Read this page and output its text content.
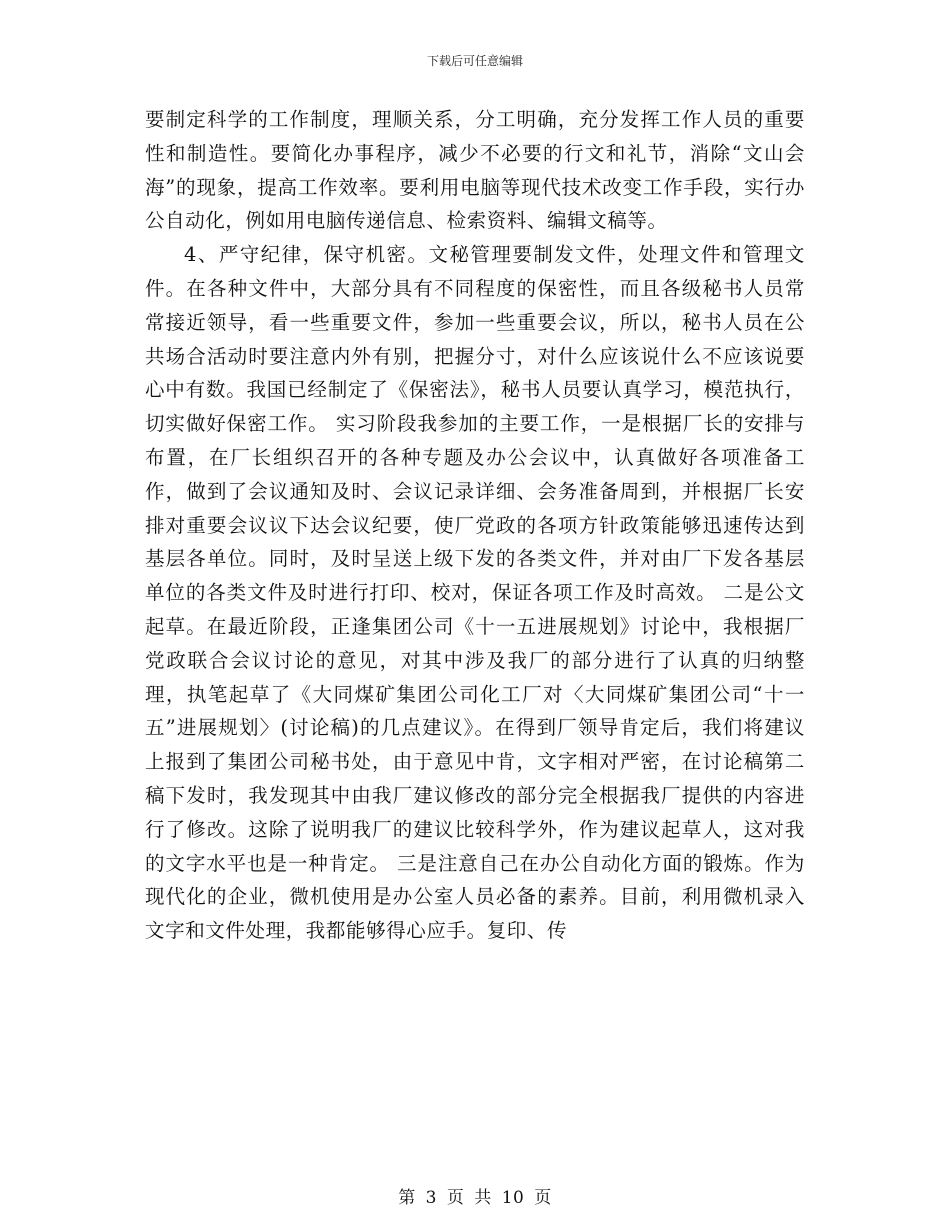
下载后可任意编辑

要制定科学的工作制度，理顺关系，分工明确，充分发挥工作人员的重要性和制造性。要简化办事程序，减少不必要的行文和礼节，消除“文山会海”的现象，提高工作效率。要利用电脑等现代技术改变工作手段，实行办公自动化，例如用电脑传递信息、检索资料、编辑文稿等。

4、严守纪律，保守机密。文秘管理要制发文件，处理文件和管理文件。在各种文件中，大部分具有不同程度的保密性，而且各级秘书人员常常接近领导，看一些重要文件，参加一些重要会议，所以，秘书人员在公共场合活动时要注意内外有别，把握分寸，对什么应该说什么不应该说要心中有数。我国已经制定了《保密法》，秘书人员要认真学习，模范执行，切实做好保密工作。 实习阶段我参加的主要工作，一是根据厂长的安排与布置，在厂长组织召开的各种专题及办公会议中，认真做好各项准备工作，做到了会议通知及时、会议记录详细、会务准备周到，并根据厂长安排对重要会议议下达会议纪要，使厂党政的各项方针政策能够迅速传达到基层各单位。同时，及时呈送上级下发的各类文件，并对由厂下发各基层单位的各类文件及时进行打印、校对，保证各项工作及时高效。 二是公文起草。在最近阶段，正逢集团公司《十一五进展规划》讨论中，我根据厂党政联合会议讨论的意见，对其中涉及我厂的部分进行了认真的归纳整理，执笔起草了《大同煤矿集团公司化工厂对〈大同煤矿集团公司“十一五”进展规划〉(讨论稿)的几点建议》。在得到厂领导肯定后，我们将建议上报到了集团公司秘书处，由于意见中肯，文字相对严密，在讨论稿第二稿下发时，我发现其中由我厂建议修改的部分完全根据我厂提供的内容进行了修改。这除了说明我厂的建议比较科学外，作为建议起草人，这对我的文字水平也是一种肯定。 三是注意自己在办公自动化方面的锻炼。作为现代化的企业，微机使用是办公室人员必备的素养。目前，利用微机录入文字和文件处理，我都能够得心应手。复印、传

第 3 页 共 10 页
